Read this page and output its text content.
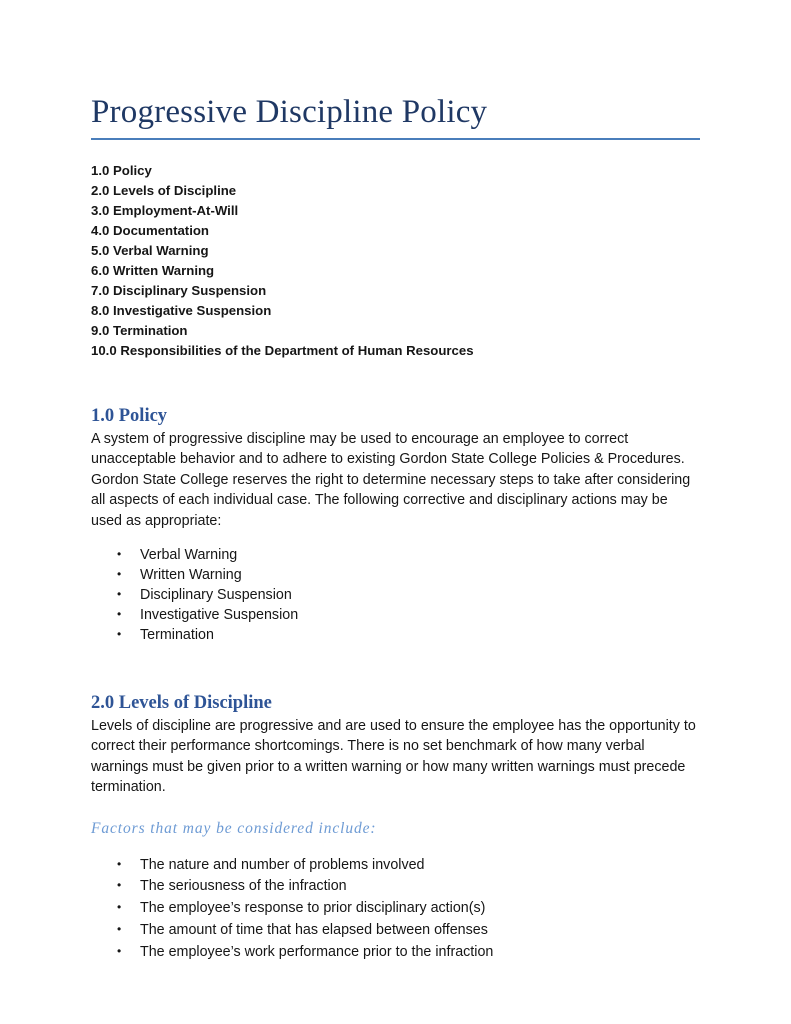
Progressive Discipline Policy
1.0 Policy
2.0 Levels of Discipline
3.0 Employment-At-Will
4.0 Documentation
5.0 Verbal Warning
6.0 Written Warning
7.0 Disciplinary Suspension
8.0 Investigative Suspension
9.0 Termination
10.0 Responsibilities of the Department of Human Resources
1.0 Policy

A system of progressive discipline may be used to encourage an employee to correct unacceptable behavior and to adhere to existing Gordon State College Policies & Procedures. Gordon State College reserves the right to determine necessary steps to take after considering all aspects of each individual case. The following corrective and disciplinary actions may be used as appropriate:

• Verbal Warning
• Written Warning
• Disciplinary Suspension
• Investigative Suspension
• Termination
2.0 Levels of Discipline

Levels of discipline are progressive and are used to ensure the employee has the opportunity to correct their performance shortcomings. There is no set benchmark of how many verbal warnings must be given prior to a written warning or how many written warnings must precede termination.

Factors that may be considered include:

• The nature and number of problems involved
• The seriousness of the infraction
• The employee’s response to prior disciplinary action(s)
• The amount of time that has elapsed between offenses
• The employee’s work performance prior to the infraction
